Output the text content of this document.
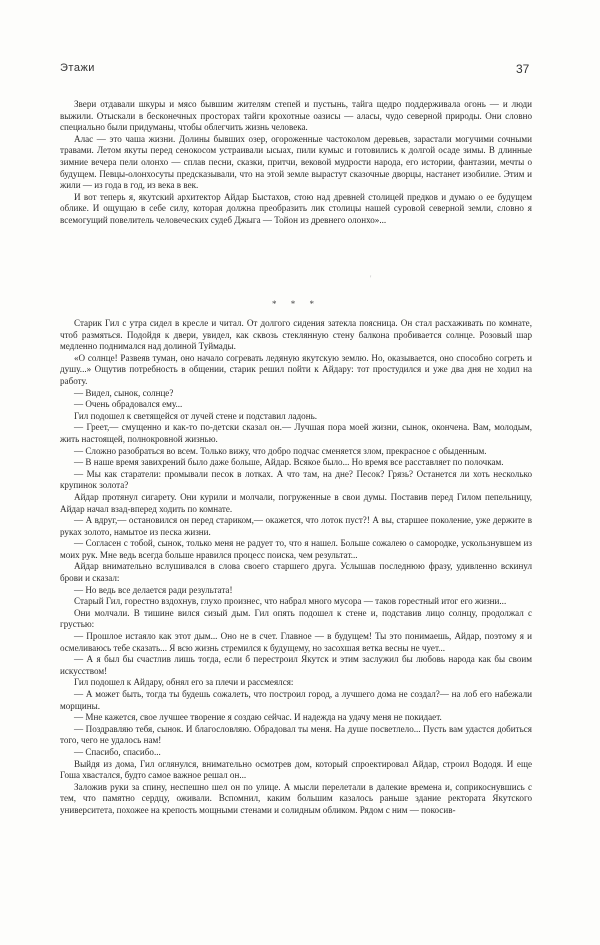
Этажи	37

Звери отдавали шкуры и мясо бывшим жителям степей и пустынь, тайга щедро поддерживала огонь — и люди выжили. Отыскали в бесконечных просторах тайги крохотные оазисы — аласы, чудо северной природы. Они словно специально были придуманы, чтобы облегчить жизнь человека.

Алас — это чаша жизни. Долины бывших озер, огороженные частоколом деревьев, зарастали могучими сочными травами. Летом якуты перед сенокосом устраивали ысыах, пили кумыс и готовились к долгой осаде зимы. В длинные зимние вечера пели олонхо — сплав песни, сказки, притчи, вековой мудрости народа, его истории, фантазии, мечты о будущем. Певцы-олонхосуты предсказывали, что на этой земле вырастут сказочные дворцы, настанет изобилие. Этим и жили — из года в год, из века в век.

И вот теперь я, якутский архитектор Айдар Быстахов, стою над древней столицей предков и думаю о ее будущем облике. И ощущаю в себе силу, которая должна преобразить лик столицы нашей суровой северной земли, словно я всемогущий повелитель человеческих судеб Джыга — Тойон из древнего олонхо»...

'
* * *

Старик Гил с утра сидел в кресле и читал. От долгого сидения затекла поясница. Он стал расхаживать по комнате, чтоб размяться. Подойдя к двери, увидел, как сквозь стеклянную стену балкона пробивается солнце. Розовый шар медленно поднимался над долиной Туймады.

«О солнце! Развеяв туман, оно начало согревать ледяную якутскую землю. Но, оказывается, оно способно согреть и душу...» Ощутив потребность в общении, старик решил пойти к Айдару: тот простудился и уже два дня не ходил на работу.

— Видел, сынок, солнце?

— Очень обрадовался ему...

Гил подошел к светящейся от лучей стене и подставил ладонь.

— Греет,— смущенно и как-то по-детски сказал он.— Лучшая пора моей жизни, сынок, окончена. Вам, молодым, жить настоящей, полнокровной жизнью.

— Сложно разобраться во всем. Только вижу, что добро подчас сменяется злом, прекрасное с обыденным.

— В наше время завихрений было даже больше, Айдар. Всякое было... Но время все расставляет по полочкам.

— Мы как старатели: промывали песок в лотках. А что там, на дне? Песок? Грязь? Останется ли хоть несколько крупинок золота?

Айдар протянул сигарету. Они курили и молчали, погруженные в свои думы. Поставив перед Гилом пепельницу, Айдар начал взад-вперед ходить по комнате.

— А вдруг,— остановился он перед стариком,— окажется, что лоток пуст?! А вы, старшее поколение, уже держите в руках золото, намытое из песка жизни.

— Согласен с тобой, сынок, только меня не радует то, что я нашел. Больше сожалею о самородке, ускользнувшем из моих рук. Мне ведь всегда больше нравился процесс поиска, чем результат...

Айдар внимательно вслушивался в слова своего старшего друга. Услышав последнюю фразу, удивленно вскинул брови и сказал:

— Но ведь все делается ради результата!

Старый Гил, горестно вздохнув, глухо произнес, что набрал много мусора — таков горестный итог его жизни...

Они молчали. В тишине вился сизый дым. Гил опять подошел к стене и, подставив лицо солнцу, продолжал с грустью:

— Прошлое истаяло как этот дым... Оно не в счет. Главное — в будущем! Ты это понимаешь, Айдар, поэтому я и осмеливаюсь тебе сказать... Я всю жизнь стремился к будущему, но засохшая ветка весны не чует...

— А я был бы счастлив лишь тогда, если б перестроил Якутск и этим заслужил бы любовь народа как бы своим искусством!

Гил подошел к Айдару, обнял его за плечи и рассмеялся:

— А может быть, тогда ты будешь сожалеть, что построил город, а лучшего дома не создал?— на лоб его набежали морщины.

— Мне кажется, свое лучшее творение я создаю сейчас. И надежда на удачу меня не покидает.

— Поздравляю тебя, сынок. И благословляю. Обрадовал ты меня. На душе посветлело... Пусть вам удастся добиться того, чего не удалось нам!

— Спасибо, спасибо...

Выйдя из дома, Гил оглянулся, внимательно осмотрев дом, который спроектировал Айдар, строил Вододя. И еще Гоша хвастался, будто самое важное решал он...

Заложив руки за спину, неспешно шел он по улице. А мысли перелетали в далекие времена и, соприкоснувшись с тем, что памятно сердцу, оживали. Вспомнил, каким большим казалось раньше здание ректората Якутского университета, похожее на крепость мощными стенами и солидным обликом. Рядом с ним — покосив-
